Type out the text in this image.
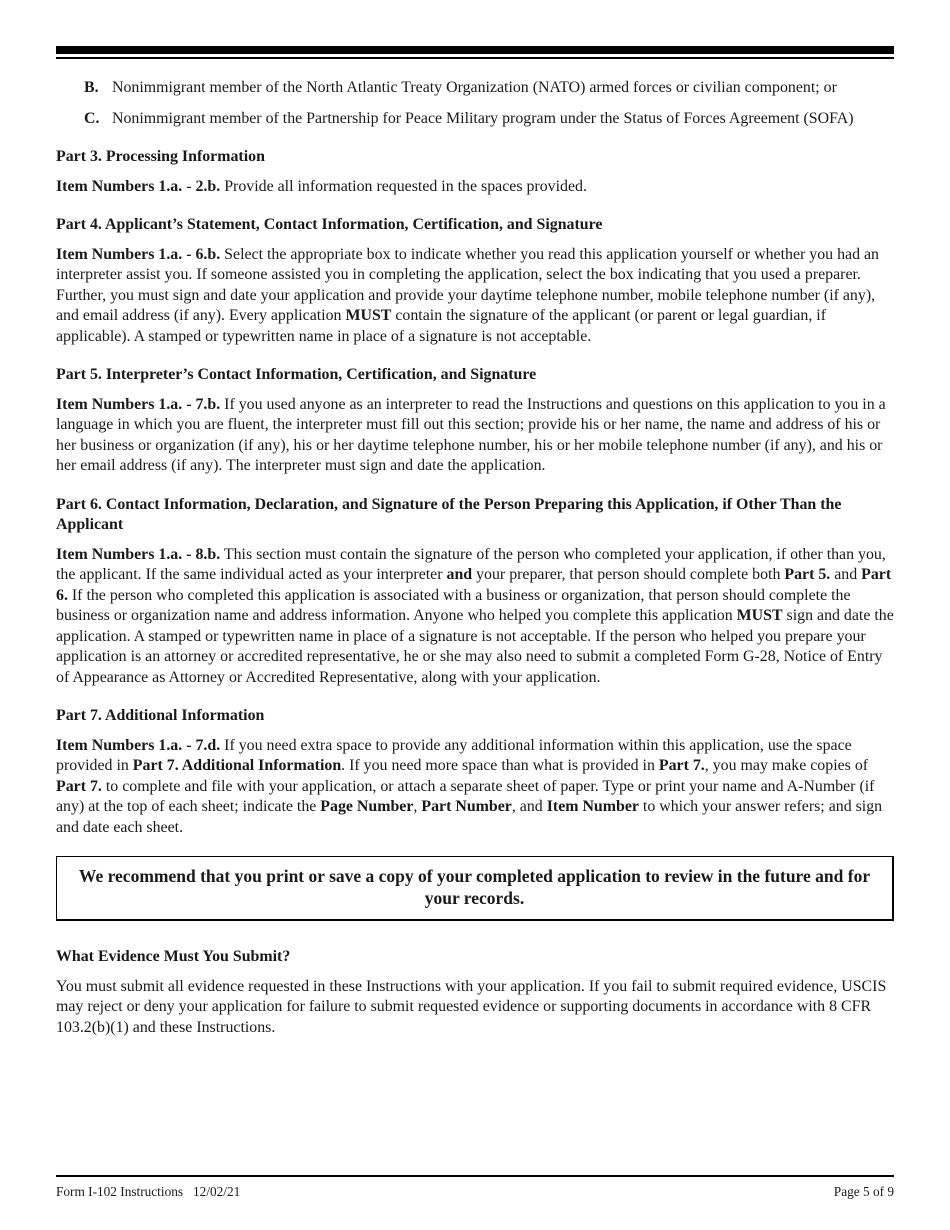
B. Nonimmigrant member of the North Atlantic Treaty Organization (NATO) armed forces or civilian component; or
C. Nonimmigrant member of the Partnership for Peace Military program under the Status of Forces Agreement (SOFA)
Part 3. Processing Information

Item Numbers 1.a. - 2.b. Provide all information requested in the spaces provided.

Part 4. Applicant’s Statement, Contact Information, Certification, and Signature

Item Numbers 1.a. - 6.b. Select the appropriate box to indicate whether you read this application yourself or whether you had an interpreter assist you. If someone assisted you in completing the application, select the box indicating that you used a preparer. Further, you must sign and date your application and provide your daytime telephone number, mobile telephone number (if any), and email address (if any). Every application MUST contain the signature of the applicant (or parent or legal guardian, if applicable). A stamped or typewritten name in place of a signature is not acceptable.

Part 5. Interpreter’s Contact Information, Certification, and Signature

Item Numbers 1.a. - 7.b. If you used anyone as an interpreter to read the Instructions and questions on this application to you in a language in which you are fluent, the interpreter must fill out this section; provide his or her name, the name and address of his or her business or organization (if any), his or her daytime telephone number, his or her mobile telephone number (if any), and his or her email address (if any). The interpreter must sign and date the application.

Part 6. Contact Information, Declaration, and Signature of the Person Preparing this Application, if Other Than the Applicant

Item Numbers 1.a. - 8.b. This section must contain the signature of the person who completed your application, if other than you, the applicant. If the same individual acted as your interpreter and your preparer, that person should complete both Part 5. and Part 6. If the person who completed this application is associated with a business or organization, that person should complete the business or organization name and address information. Anyone who helped you complete this application MUST sign and date the application. A stamped or typewritten name in place of a signature is not acceptable. If the person who helped you prepare your application is an attorney or accredited representative, he or she may also need to submit a completed Form G-28, Notice of Entry of Appearance as Attorney or Accredited Representative, along with your application.

Part 7. Additional Information

Item Numbers 1.a. - 7.d. If you need extra space to provide any additional information within this application, use the space provided in Part 7. Additional Information. If you need more space than what is provided in Part 7., you may make copies of Part 7. to complete and file with your application, or attach a separate sheet of paper. Type or print your name and A-Number (if any) at the top of each sheet; indicate the Page Number, Part Number, and Item Number to which your answer refers; and sign and date each sheet.

We recommend that you print or save a copy of your completed application to review in the future and for your records.
What Evidence Must You Submit?

You must submit all evidence requested in these Instructions with your application. If you fail to submit required evidence, USCIS may reject or deny your application for failure to submit requested evidence or supporting documents in accordance with 8 CFR 103.2(b)(1) and these Instructions.

Form I-102 Instructions   12/02/21	Page 5 of 9
